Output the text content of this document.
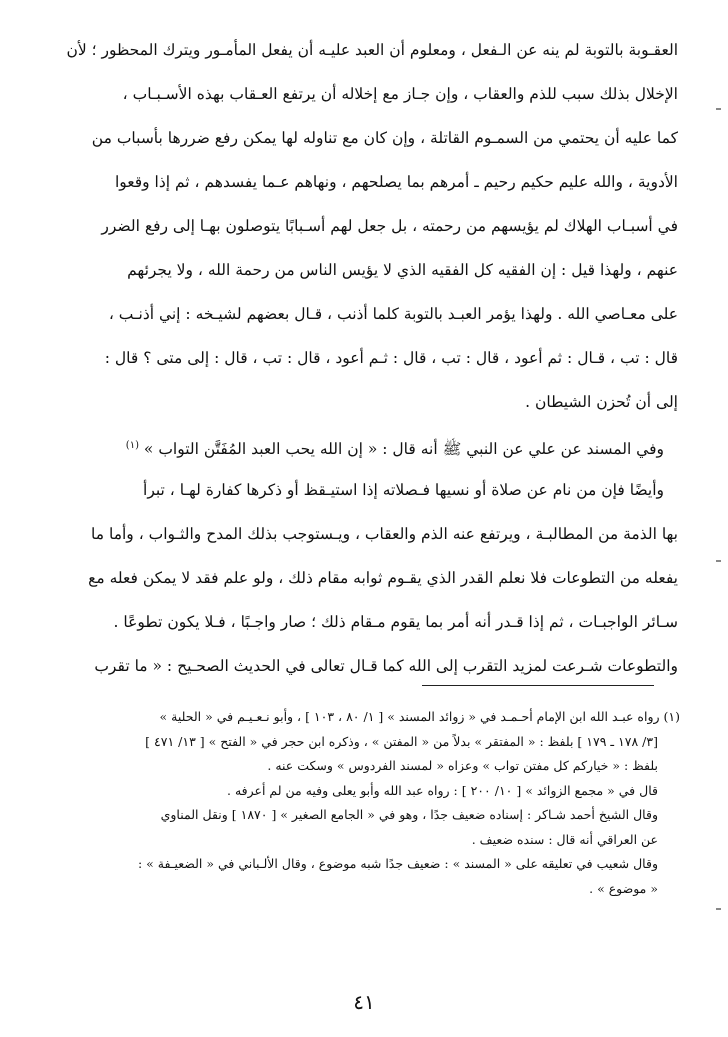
العقـوبة بالتوبة لم ينه عن الـفعل ، ومعلوم أن العبد عليـه أن يفعل المأمـور ويترك المحظور ؛ لأن
الإخلال بذلك سبب للذم والعقاب ، وإن جـاز مع إخلاله أن يرتفع العـقاب بهذه الأسـبـاب ،
كما عليه أن يحتمي من السمـوم القاتلة ، وإن كان مع تناوله لها يمكن رفع ضررها بأسباب من
الأدوية ، والله عليم حكيم رحيم ـ أمرهم بما يصلحهم ، ونهاهم عـما يفسدهم ، ثم إذا وقعوا
في أسبـاب الهلاك لم يؤيسهم من رحمته ، بل جعل لهم أسـبابًا يتوصلون بهـا إلى رفع الضرر
عنهم ، ولهذا قيل : إن الفقيه كل الفقيه الذي لا يؤيس الناس من رحمة الله ، ولا يجرئهم
على معـاصي الله . ولهذا يؤمر العبـد بالتوبة كلما أذنب ، قـال بعضهم لشيـخه : إني أذنـب ،
قال : تب ، قـال : ثم أعود ، قال : تب ، قال : ثـم أعود ، قال : تب ، قال : إلى متى ؟ قال :
إلى أن تُحزن الشيطان .
وفي المسند عن علي عن النبي ﷺ أنه قال : « إن الله يحب العبد المُفَتَّن التواب » $^{(١)}$
وأيضًا فإن من نام عن صلاة أو نسيها فـصلاته إذا استيـقظ أو ذكرها كفارة لهـا ، تبرأ
بها الذمة من المطالبـة ، ويرتفع عنه الذم والعقاب ، ويـستوجب بذلك المدح والثـواب ، وأما ما
يفعله من التطوعات فلا نعلم القدر الذي يقـوم ثوابه مقام ذلك ، ولو علم فقد لا يمكن فعله مع
سـائر الواجبـات ، ثم إذا قـدر أنه أمر بما يقوم مـقام ذلك ؛ صار واجـبًا ، فـلا يكون تطوعًا .
والتطوعات شـرعت لمزيد التقرب إلى الله كما قـال تعالى في الحديث الصحـيح : « ما تقرب
(١) رواه عبـد الله ابن الإمام أحـمـد في « زوائد المسند » [ ١/ ٨٠ ، ١٠٣ ] ، وأبو نـعـيـم في « الحلية »
[٣/ ١٧٨ ـ ١٧٩ ] بلفظ : « المفتقر » بدلاً من « المفتن » ، وذكره ابن حجر في « الفتح » [ ١٣/ ٤٧١ ]
بلفظ : « خياركم كل مفتن تواب » وعزاه « لمسند الفردوس » وسكت عنه .
قال في « مجمع الزوائد » [ ١٠/ ٢٠٠ ] : رواه عبد الله وأبو يعلى وفيه من لم أعرفه .
وقال الشيخ أحمد شـاكر : إسناده ضعيف جدًا ، وهو في « الجامع الصغير » [ ١٨٧٠ ] ونقل المناوي
عن العراقي أنه قال : سنده ضعيف .
وقال شعيب في تعليقه على « المسند » : ضعيف جدًا شبه موضوع ، وقال الألـباني في « الضعيـفة » :
« موضوع » .
٤١
